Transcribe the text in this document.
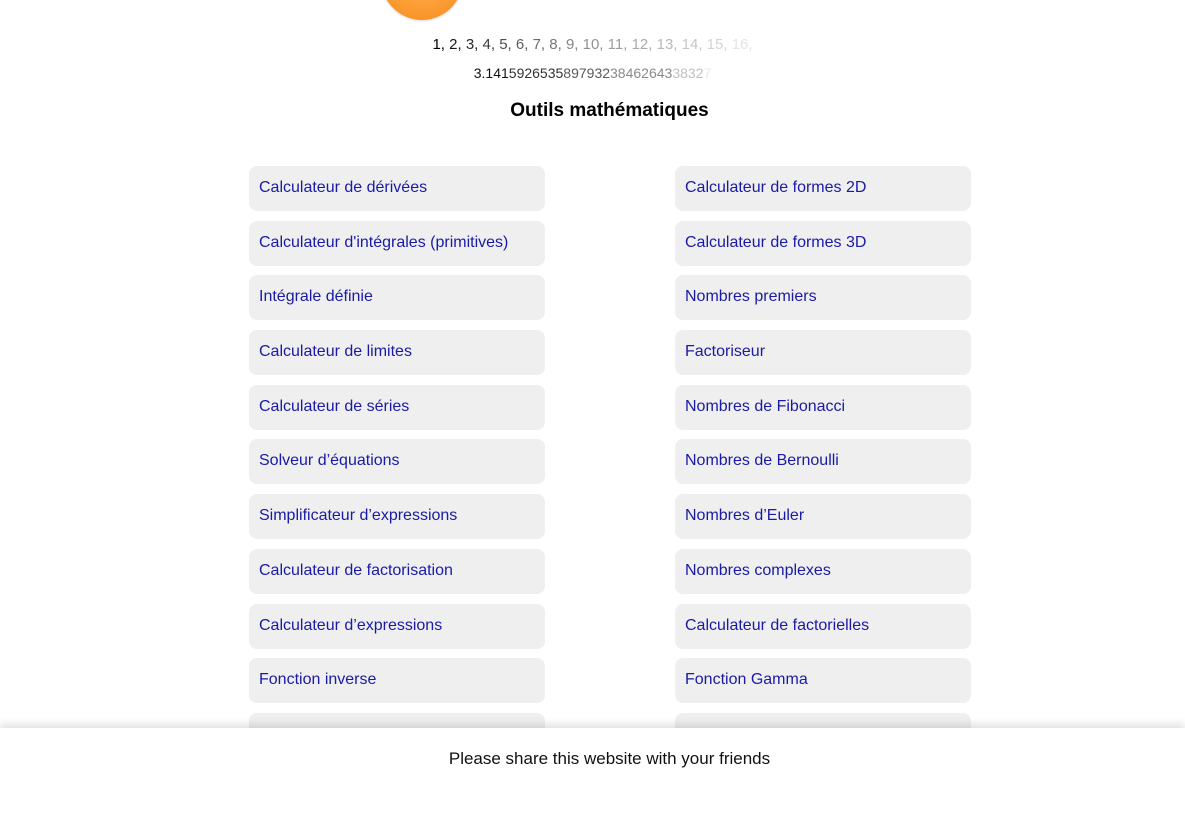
1, 2, 3, 4, 5, 6, 7, 8, 9, 10, 11, 12, 13, 14, 15, 16,
3.14159265358979323846264338327
Outils mathématiques
Calculateur de dérivées
Calculateur d'intégrales (primitives)
Intégrale définie
Calculateur de limites
Calculateur de séries
Solveur d’équations
Simplificateur d’expressions
Calculateur de factorisation
Calculateur d’expressions
Fonction inverse
Calculateur de formes 2D
Calculateur de formes 3D
Nombres premiers
Factoriseur
Nombres de Fibonacci
Nombres de Bernoulli
Nombres d’Euler
Nombres complexes
Calculateur de factorielles
Fonction Gamma
Please share this website with your friends
